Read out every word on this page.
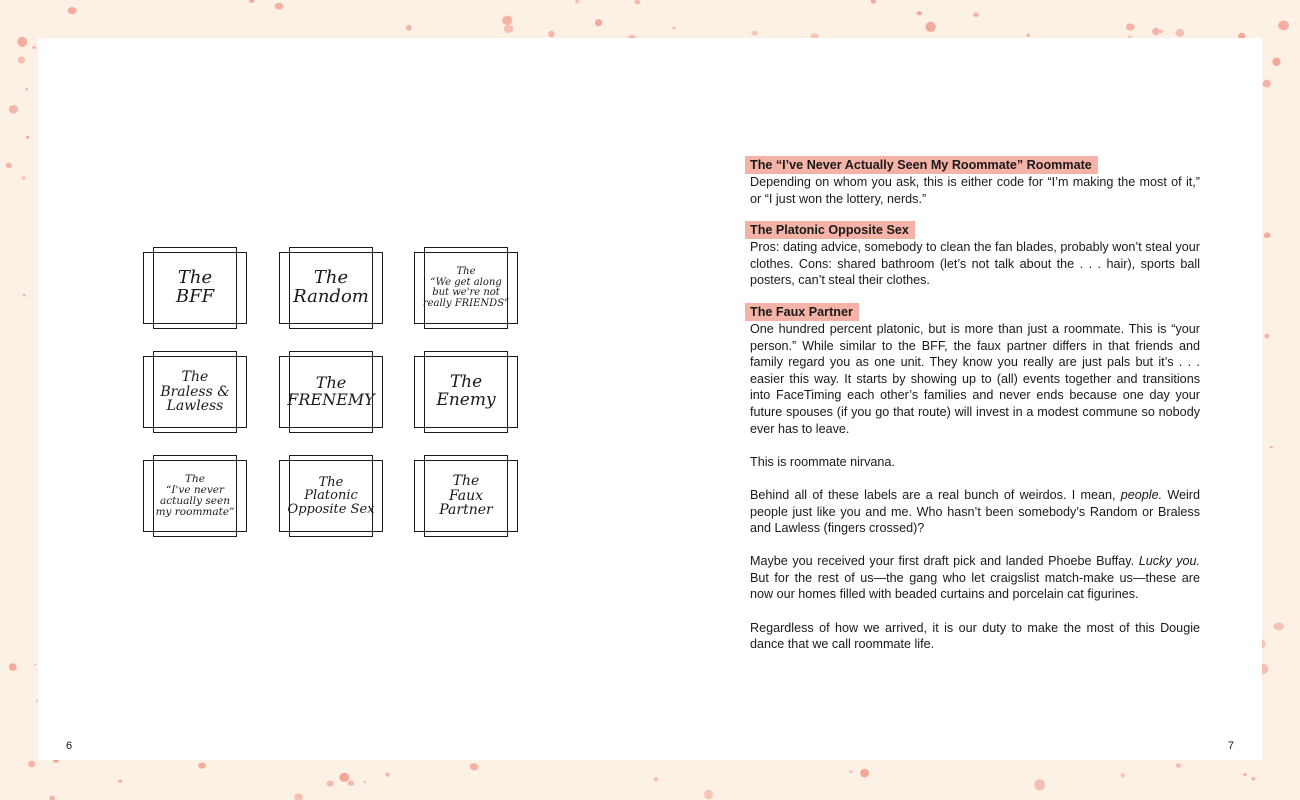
The
BFF
The
Random
The
“We get along
but we're not
really FRIENDS”
The
Braless &
Lawless
The
FRENEMY
The
Enemy
The
“I've never
actually seen
my roommate”
The
Platonic
Opposite Sex
The
Faux
Partner
The “I’ve Never Actually Seen My Roommate” Roommate

Depending on whom you ask, this is either code for “I’m making the most of it,” or “I just won the lottery, nerds.”

The Platonic Opposite Sex

Pros: dating advice, somebody to clean the fan blades, probably won’t steal your clothes. Cons: shared bathroom (let’s not talk about the . . . hair), sports ball posters, can’t steal their clothes.

The Faux Partner

One hundred percent platonic, but is more than just a roommate. This is “your person.” While similar to the BFF, the faux partner differs in that friends and family regard you as one unit. They know you really are just pals but it’s . . . easier this way. It starts by showing up to (all) events together and transitions into FaceTiming each other’s families and never ends because one day your future spouses (if you go that route) will invest in a modest commune so nobody ever has to leave.

This is roommate nirvana.

Behind all of these labels are a real bunch of weirdos. I mean, people. Weird people just like you and me. Who hasn’t been somebody’s Random or Braless and Lawless (fingers crossed)?

Maybe you received your first draft pick and landed Phoebe Buffay. Lucky you. But for the rest of us—the gang who let craigslist match-make us—these are now our homes filled with beaded curtains and porcelain cat figurines.

Regardless of how we arrived, it is our duty to make the most of this Dougie dance that we call roommate life.

6	7
